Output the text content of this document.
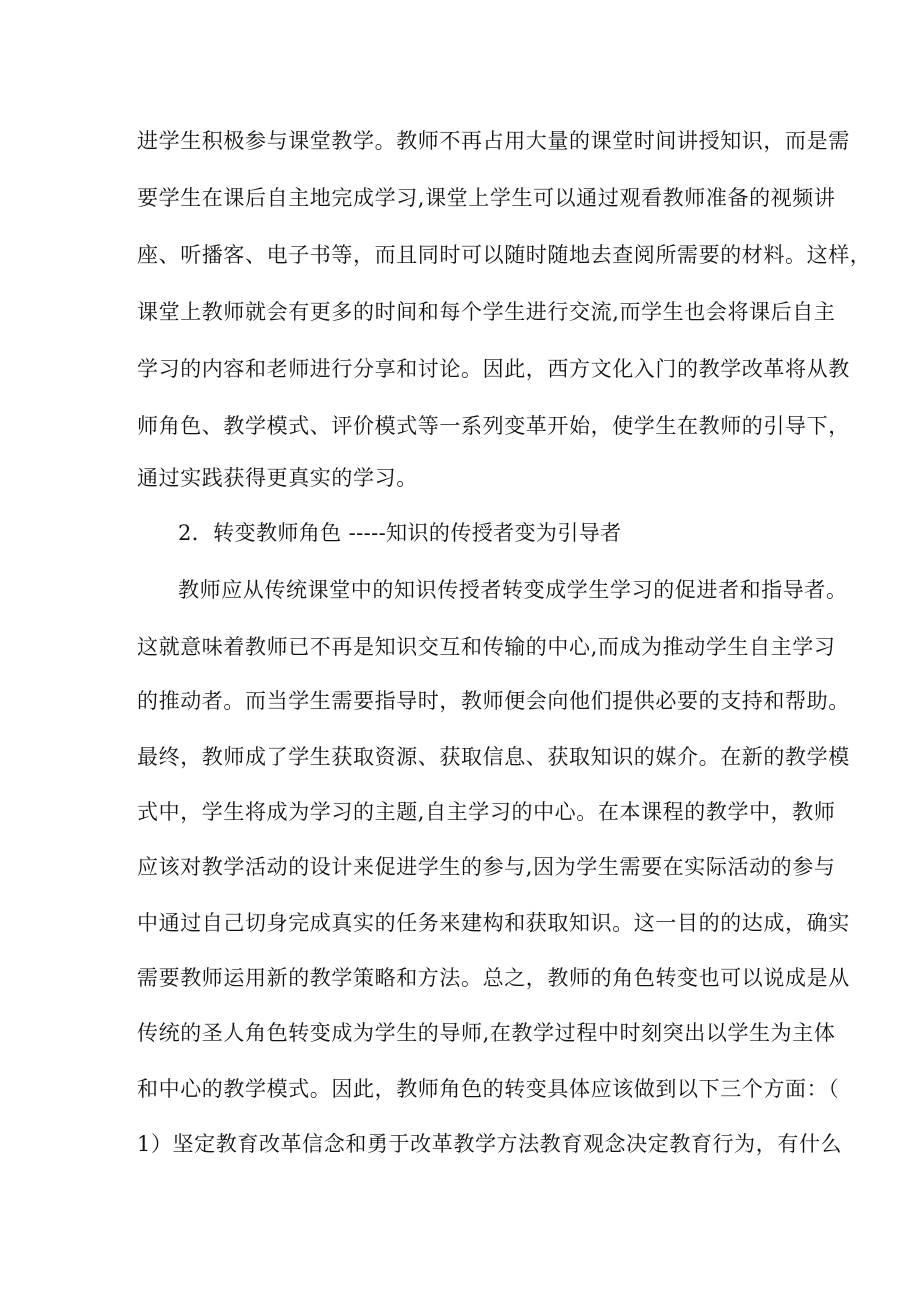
进学生积极参与课堂教学。教师不再占用大量的课堂时间讲授知识，而是需
要学生在课后自主地完成学习,课堂上学生可以通过观看教师准备的视频讲
座、听播客、电子书等，而且同时可以随时随地去查阅所需要的材料。这样，
课堂上教师就会有更多的时间和每个学生进行交流,而学生也会将课后自主
学习的内容和老师进行分享和讨论。因此，西方文化入门的教学改革将从教
师角色、教学模式、评价模式等一系列变革开始，使学生在教师的引导下，
通过实践获得更真实的学习。
2．转变教师角色 -----知识的传授者变为引导者
教师应从传统课堂中的知识传授者转变成学生学习的促进者和指导者。
这就意味着教师已不再是知识交互和传输的中心,而成为推动学生自主学习
的推动者。而当学生需要指导时，教师便会向他们提供必要的支持和帮助。
最终，教师成了学生获取资源、获取信息、获取知识的媒介。在新的教学模
式中，学生将成为学习的主题,自主学习的中心。在本课程的教学中，教师
应该对教学活动的设计来促进学生的参与,因为学生需要在实际活动的参与
中通过自己切身完成真实的任务来建构和获取知识。这一目的的达成，确实
需要教师运用新的教学策略和方法。总之，教师的角色转变也可以说成是从
传统的圣人角色转变成为学生的导师,在教学过程中时刻突出以学生为主体
和中心的教学模式。因此，教师角色的转变具体应该做到以下三个方面：（
1）坚定教育改革信念和勇于改革教学方法教育观念决定教育行为，有什么
